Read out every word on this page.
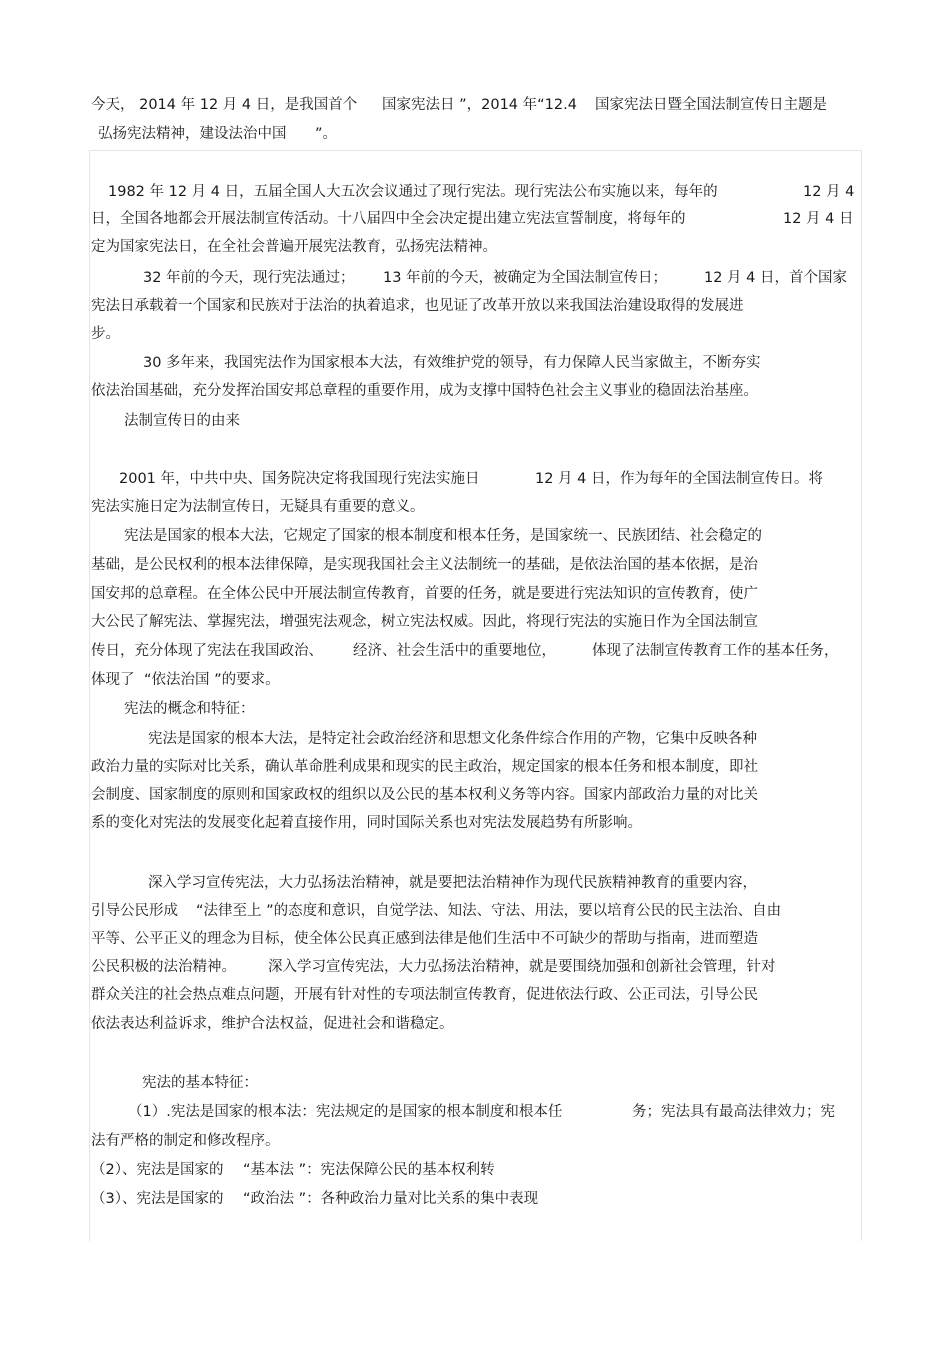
今天， 2014 年 12 月 4 日，是我国首个 国家宪法日 ”，2014 年“12.4 国家宪法日暨全国法制宣传日主题是
弘扬宪法精神，建设法治中国 ”。
1982 年 12 月 4 日，五届全国人大五次会议通过了现行宪法。现行宪法公布实施以来，每年的	12 月 4
日，全国各地都会开展法制宣传活动。十八届四中全会决定提出建立宪法宣誓制度，将每年的	12 月 4 日
定为国家宪法日，在全社会普遍开展宪法教育，弘扬宪法精神。
32 年前的今天，现行宪法通过； 13 年前的今天，被确定为全国法制宣传日；	12 月 4 日，首个国家
宪法日承载着一个国家和民族对于法治的执着追求，也见证了改革开放以来我国法治建设取得的发展进
步。
30 多年来，我国宪法作为国家根本大法，有效维护党的领导，有力保障人民当家做主，不断夯实
依法治国基础，充分发挥治国安邦总章程的重要作用，成为支撑中国特色社会主义事业的稳固法治基座。
法制宣传日的由来
2001 年，中共中央、国务院决定将我国现行宪法实施日	12 月 4 日，作为每年的全国法制宣传日。将
宪法实施日定为法制宣传日，无疑具有重要的意义。
宪法是国家的根本大法，它规定了国家的根本制度和根本任务，是国家统一、民族团结、社会稳定的
基础，是公民权利的根本法律保障，是实现我国社会主义法制统一的基础，是依法治国的基本依据，是治
国安邦的总章程。在全体公民中开展法制宣传教育，首要的任务，就是要进行宪法知识的宣传教育，使广
大公民了解宪法、掌握宪法，增强宪法观念，树立宪法权威。因此，将现行宪法的实施日作为全国法制宣
传日，充分体现了宪法在我国政治、 经济、社会生活中的重要地位， 体现了法制宣传教育工作的基本任务，
体现了 “依法治国 ”的要求。
宪法的概念和特征：
宪法是国家的根本大法，是特定社会政治经济和思想文化条件综合作用的产物，它集中反映各种
政治力量的实际对比关系，确认革命胜利成果和现实的民主政治，规定国家的根本任务和根本制度，即社
会制度、国家制度的原则和国家政权的组织以及公民的基本权利义务等内容。国家内部政治力量的对比关
系的变化对宪法的发展变化起着直接作用，同时国际关系也对宪法发展趋势有所影响。
深入学习宣传宪法，大力弘扬法治精神，就是要把法治精神作为现代民族精神教育的重要内容，
引导公民形成 “法律至上 ”的态度和意识，自觉学法、知法、守法、用法，要以培育公民的民主法治、自由
平等、公平正义的理念为目标，使全体公民真正感到法律是他们生活中不可缺少的帮助与指南，进而塑造
公民积极的法治精神。 深入学习宣传宪法，大力弘扬法治精神，就是要围绕加强和创新社会管理，针对
群众关注的社会热点难点问题，开展有针对性的专项法制宣传教育，促进依法行政、公正司法，引导公民
依法表达利益诉求，维护合法权益，促进社会和谐稳定。
宪法的基本特征：
（1）.宪法是国家的根本法：宪法规定的是国家的根本制度和根本任	务；宪法具有最高法律效力；宪
法有严格的制定和修改程序。
（2）、宪法是国家的 “基本法 ”：宪法保障公民的基本权利转
（3）、宪法是国家的 “政治法 ”：各种政治力量对比关系的集中表现
